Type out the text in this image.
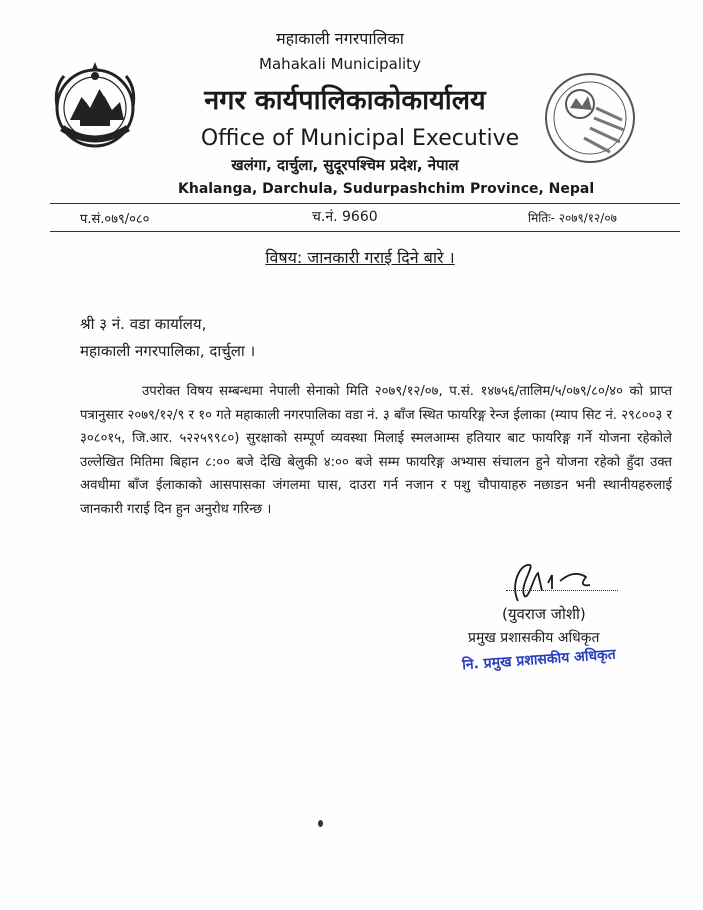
महाकाली नगरपालिका
Mahakali Municipality
नगर कार्यपालिकाकोकार्यालय
Office of Municipal Executive
खलंगा, दार्चुला, सुदूरपश्चिम प्रदेश, नेपाल
Khalanga, Darchula, Sudurpashchim Province, Nepal
प.सं.०७९/०८०	च.नं. 9660	मितिः- २०७९/१२/०७
विषय: जानकारी गराई दिने बारे ।
श्री ३ नं. वडा कार्यालय,
महाकाली नगरपालिका, दार्चुला ।
उपरोक्त विषय सम्बन्धमा नेपाली सेनाको मिति २०७९/१२/०७, प.सं. १४७५६/तालिम/५/०७९/८०/४० को प्राप्त पत्रानुसार २०७९/१२/९ र १० गते महाकाली नगरपालिका वडा नं. ३ बाँज स्थित फायरिङ्ग रेन्ज ईलाका (म्याप सिट नं. २९८००३ र ३०८०१५, जि.आर. ५२२५९९८०) सुरक्षाको सम्पूर्ण व्यवस्था मिलाई स्मलआम्स हतियार बाट फायरिङ्ग गर्ने योजना रहेकोले उल्लेखित मितिमा बिहान ८:०० बजे देखि बेलुकी ४:०० बजे सम्म फायरिङ्ग अभ्यास संचालन हुने योजना रहेको हुँदा उक्त अवधीमा बाँज ईलाकाको आसपासका जंगलमा घास, दाउरा गर्न नजान र पशु चौपायाहरु नछाडन भनी स्थानीयहरुलाई जानकारी गराई दिन हुन अनुरोध गरिन्छ ।
(युवराज जोशी)
प्रमुख प्रशासकीय अधिकृत
नि. प्रमुख प्रशासकीय अधिकृत
